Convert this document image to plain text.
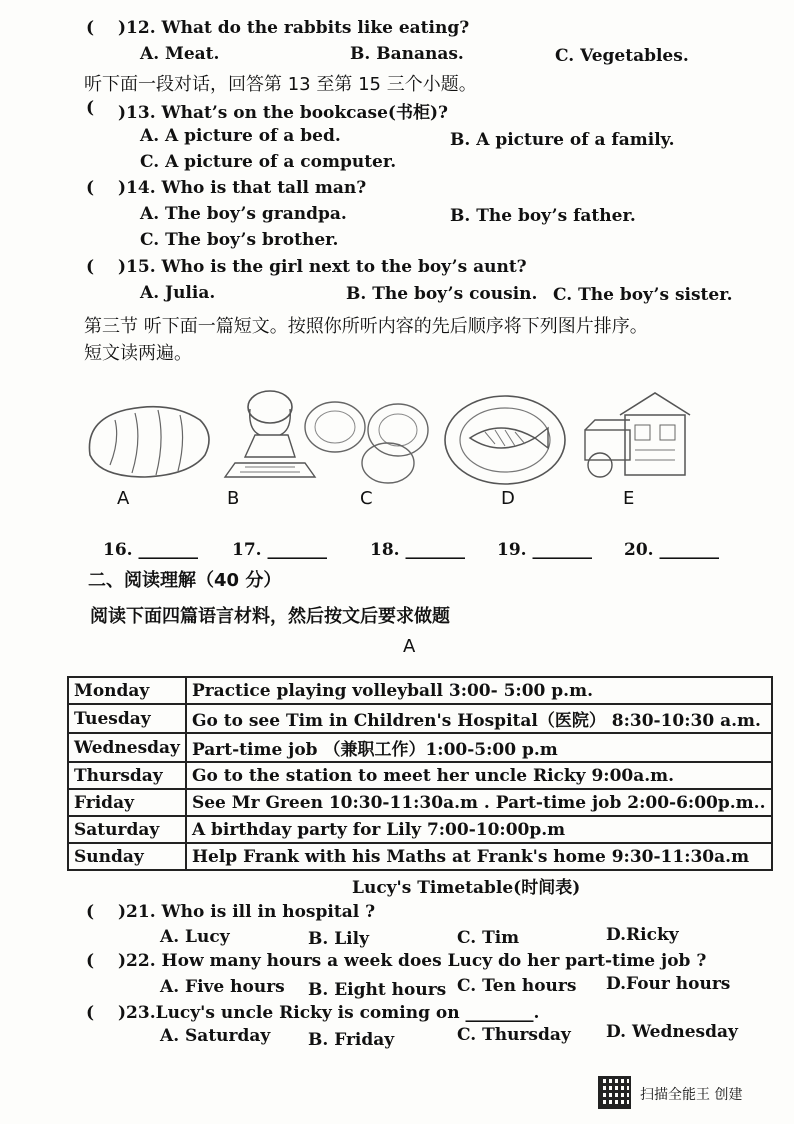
( )12. What do the rabbits like eating?
A. Meat.	B. Bananas.	C. Vegetables.
听下面一段对话，回答第 13 至第 15 三个小题。
( )13. What’s on the bookcase(书柜)?
A. A picture of a bed.	B. A picture of a family.
C. A picture of a computer.
( )14. Who is that tall man?
A. The boy’s grandpa.	B. The boy’s father.
C. The boy’s brother.
( )15. Who is the girl next to the boy’s aunt?
A. Julia.	B. The boy’s cousin. C. The boy’s sister.
第三节 听下面一篇短文。按照你所听内容的先后顺序将下列图片排序。
短文读两遍。
A	B	C	D	E
16. _______ 17. _______	18. _______ 19. _______ 20. _______
二、阅读理解（40 分）
阅读下面四篇语言材料，然后按文后要求做题
A
Monday	Practice playing volleyball 3:00- 5:00 p.m.
Tuesday	Go to see Tim in Children's Hospital（医院） 8:30-10:30 a.m.
Wednesday	Part-time job （兼职工作）1:00-5:00 p.m
Thursday	Go to the station to meet her uncle Ricky 9:00a.m.
Friday	See Mr Green 10:30-11:30a.m . Part-time job 2:00-6:00p.m..
Saturday	A birthday party for Lily 7:00-10:00p.m
Sunday	Help Frank with his Maths at Frank's home 9:30-11:30a.m
Lucy's Timetable(时间表)
( )21. Who is ill in hospital ?
A. Lucy	B. Lily	C. Tim	D.Ricky
( )22. How many hours a week does Lucy do her part-time job ?
A. Five hours B. Eight hours C. Ten hours D.Four hours
( )23.Lucy's uncle Ricky is coming on ________.
A. Saturday B. Friday	C. Thursday D. Wednesday
扫描全能王 创建
